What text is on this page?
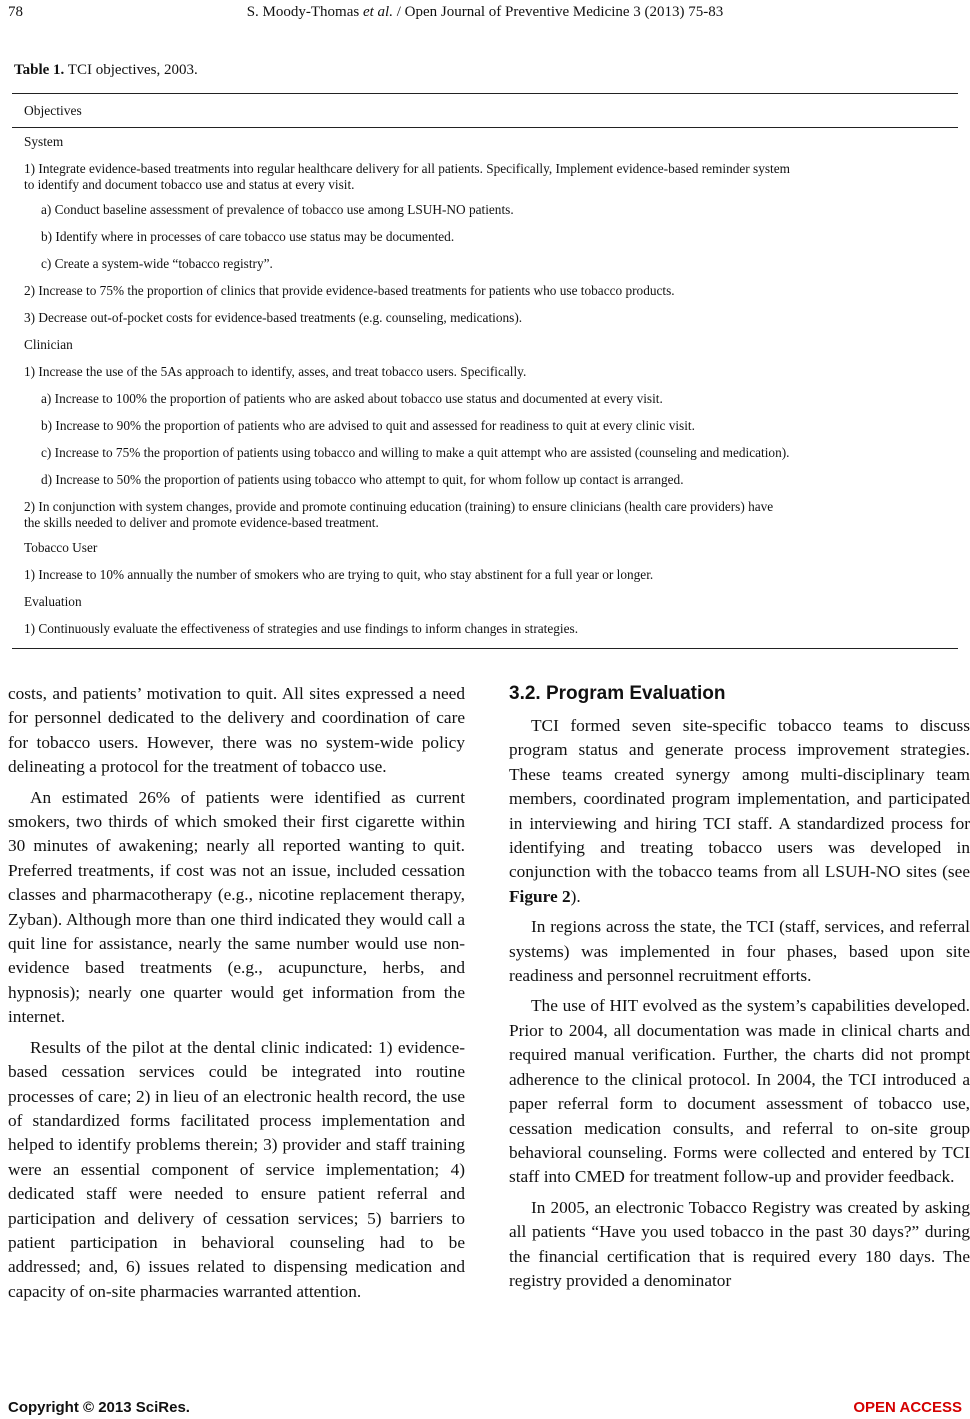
78	S. Moody-Thomas et al. / Open Journal of Preventive Medicine 3 (2013) 75-83
Table 1. TCI objectives, 2003.
Objectives
System
1) Integrate evidence-based treatments into regular healthcare delivery for all patients. Specifically, Implement evidence-based reminder system
to identify and document tobacco use and status at every visit.
a) Conduct baseline assessment of prevalence of tobacco use among LSUH-NO patients.
b) Identify where in processes of care tobacco use status may be documented.
c) Create a system-wide “tobacco registry”.
2) Increase to 75% the proportion of clinics that provide evidence-based treatments for patients who use tobacco products.
3) Decrease out-of-pocket costs for evidence-based treatments (e.g. counseling, medications).
Clinician
1) Increase the use of the 5As approach to identify, asses, and treat tobacco users. Specifically.
a) Increase to 100% the proportion of patients who are asked about tobacco use status and documented at every visit.
b) Increase to 90% the proportion of patients who are advised to quit and assessed for readiness to quit at every clinic visit.
c) Increase to 75% the proportion of patients using tobacco and willing to make a quit attempt who are assisted (counseling and medication).
d) Increase to 50% the proportion of patients using tobacco who attempt to quit, for whom follow up contact is arranged.
2) In conjunction with system changes, provide and promote continuing education (training) to ensure clinicians (health care providers) have
the skills needed to deliver and promote evidence-based treatment.
Tobacco User
1) Increase to 10% annually the number of smokers who are trying to quit, who stay abstinent for a full year or longer.
Evaluation
1) Continuously evaluate the effectiveness of strategies and use findings to inform changes in strategies.

costs, and patients’ motivation to quit. All sites expressed a need for personnel dedicated to the delivery and coordination of care for tobacco users. However, there was no system-wide policy delineating a protocol for the treatment of tobacco use.

An estimated 26% of patients were identified as current smokers, two thirds of which smoked their first cigarette within 30 minutes of awakening; nearly all reported wanting to quit. Preferred treatments, if cost was not an issue, included cessation classes and pharmacotherapy (e.g., nicotine replacement therapy, Zyban). Although more than one third indicated they would call a quit line for assistance, nearly the same number would use non-evidence based treatments (e.g., acupuncture, herbs, and hypnosis); nearly one quarter would get information from the internet.

Results of the pilot at the dental clinic indicated: 1) evidence-based cessation services could be integrated into routine processes of care; 2) in lieu of an electronic health record, the use of standardized forms facilitated process implementation and helped to identify problems therein; 3) provider and staff training were an essential component of service implementation; 4) dedicated staff were needed to ensure patient referral and participation and delivery of cessation services; 5) barriers to patient participation in behavioral counseling had to be addressed; and, 6) issues related to dispensing medication and capacity of on-site pharmacies warranted attention.

3.2. Program Evaluation

TCI formed seven site-specific tobacco teams to discuss program status and generate process improvement strategies. These teams created synergy among multi-disciplinary team members, coordinated program implementation, and participated in interviewing and hiring TCI staff. A standardized process for identifying and treating tobacco users was developed in conjunction with the tobacco teams from all LSUH-NO sites (see Figure 2).

In regions across the state, the TCI (staff, services, and referral systems) was implemented in four phases, based upon site readiness and personnel recruitment efforts.

The use of HIT evolved as the system’s capabilities developed. Prior to 2004, all documentation was made in clinical charts and required manual verification. Further, the charts did not prompt adherence to the clinical protocol. In 2004, the TCI introduced a paper referral form to document assessment of tobacco use, cessation medication consults, and referral to on-site group behavioral counseling. Forms were collected and entered by TCI staff into CMED for treatment follow-up and provider feedback.

In 2005, an electronic Tobacco Registry was created by asking all patients “Have you used tobacco in the past 30 days?” during the financial certification that is required every 180 days. The registry provided a denominator

Copyright © 2013 SciRes.	OPEN ACCESS
